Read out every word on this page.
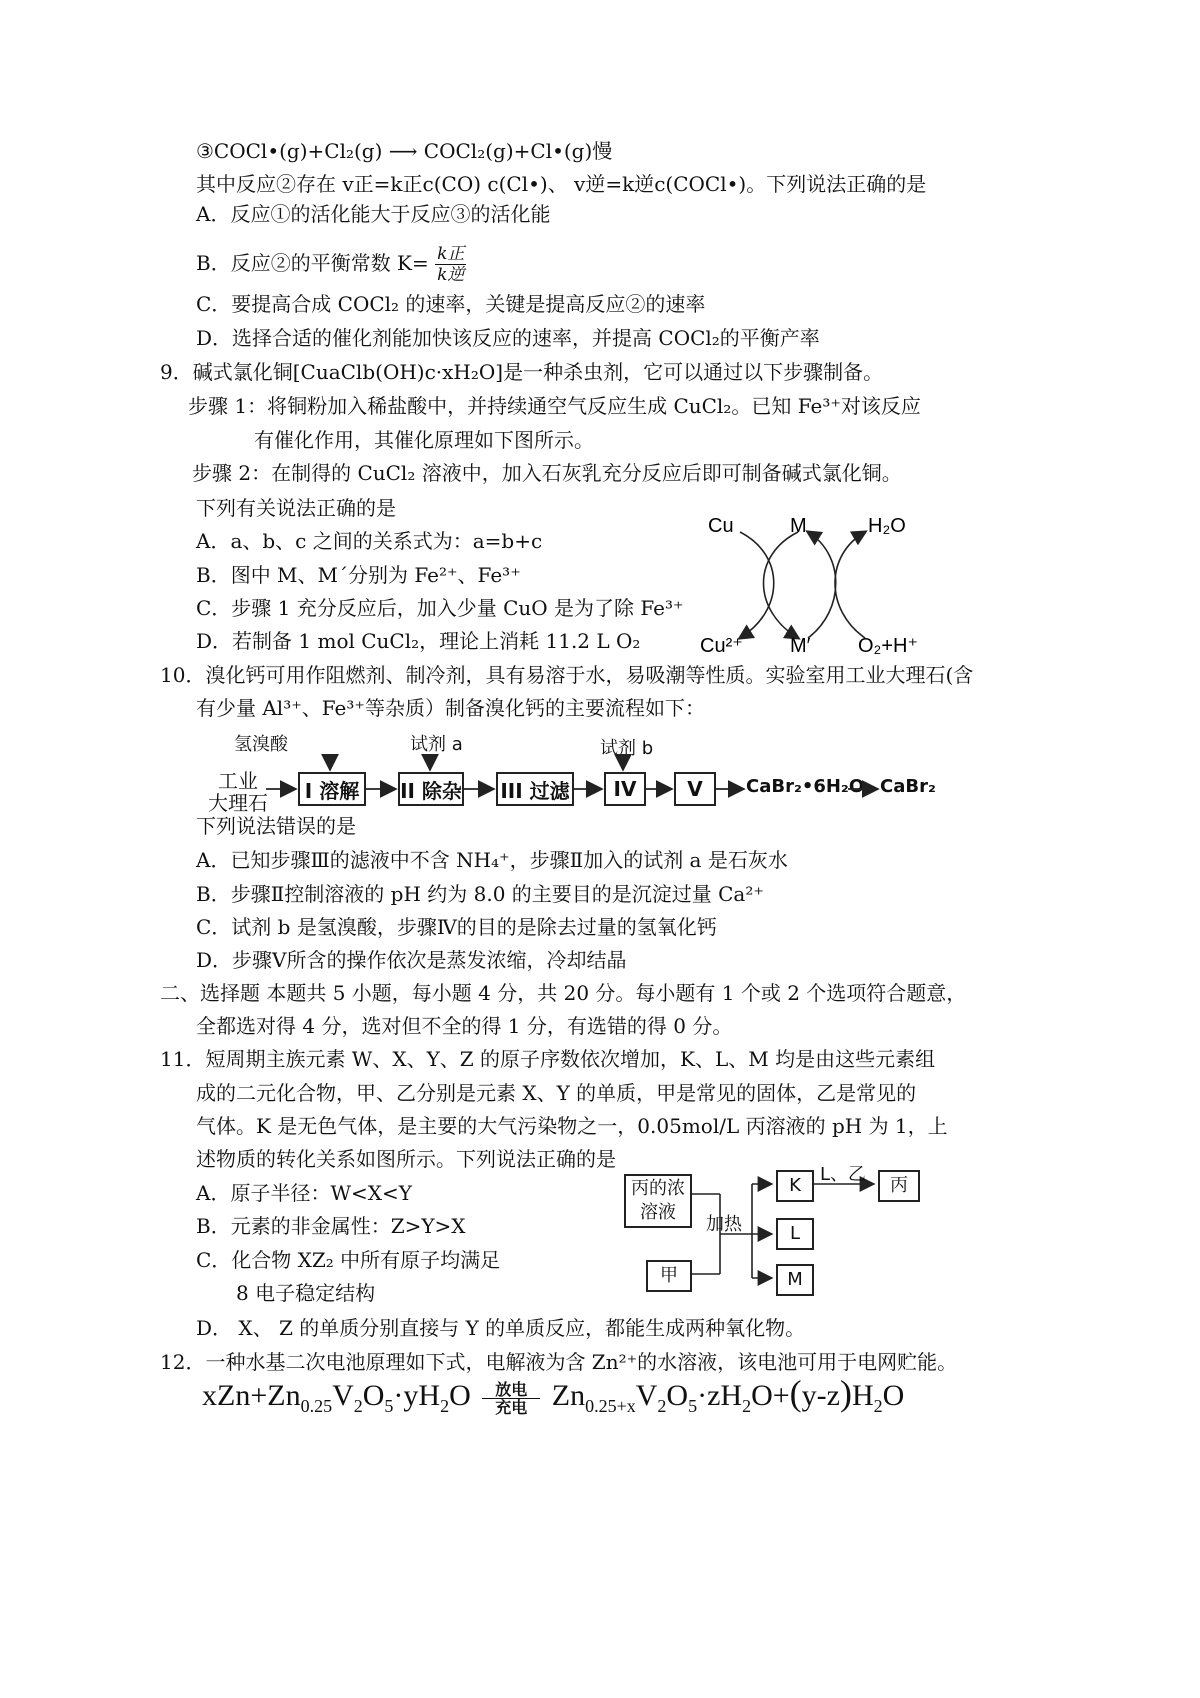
③COCl•(g)+Cl₂(g) ⟶ COCl₂(g)+Cl•(g)慢
其中反应②存在 v正=k正c(CO) c(Cl•)、 v逆=k逆c(COCl•)。下列说法正确的是
A．反应①的活化能大于反应③的活化能
B．反应②的平衡常数 K= k正
k逆
C．要提高合成 COCl₂ 的速率，关键是提高反应②的速率
D．选择合适的催化剂能加快该反应的速率，并提高 COCl₂的平衡产率
9．碱式氯化铜[CuaClb(OH)c·xH₂O]是一种杀虫剂，它可以通过以下步骤制备。
步骤 1：将铜粉加入稀盐酸中，并持续通空气反应生成 CuCl₂。已知 Fe³⁺对该反应
有催化作用，其催化原理如下图所示。
步骤 2：在制得的 CuCl₂ 溶液中，加入石灰乳充分反应后即可制备碱式氯化铜。
下列有关说法正确的是
A．a、b、c 之间的关系式为：a=b+c
B．图中 M、M´分别为 Fe²⁺、Fe³⁺
C．步骤 1 充分反应后，加入少量 CuO 是为了除 Fe³⁺
D．若制备 1 mol CuCl₂，理论上消耗 11.2 L O₂
Cu	M	H₂O
Cu²⁺ M′ O₂+H⁺
10．溴化钙可用作阻燃剂、制冷剂，具有易溶于水，易吸潮等性质。实验室用工业大理石(含
有少量 Al³⁺、Fe³⁺等杂质）制备溴化钙的主要流程如下：
氢溴酸	试剂 a	试剂 b
工业
大理石
I 溶解	II 除杂 III 过滤	IV	V	CaBr₂•6H₂O CaBr₂
下列说法错误的是
A．已知步骤Ⅲ的滤液中不含 NH₄⁺，步骤Ⅱ加入的试剂 a 是石灰水
B．步骤Ⅱ控制溶液的 pH 约为 8.0 的主要目的是沉淀过量 Ca²⁺
C．试剂 b 是氢溴酸，步骤Ⅳ的目的是除去过量的氢氧化钙
D．步骤Ⅴ所含的操作依次是蒸发浓缩，冷却结晶
二、选择题 本题共 5 小题，每小题 4 分，共 20 分。每小题有 1 个或 2 个选项符合题意，
全都选对得 4 分，选对但不全的得 1 分，有选错的得 0 分。
11．短周期主族元素 W、X、Y、Z 的原子序数依次增加，K、L、M 均是由这些元素组
成的二元化合物，甲、乙分别是元素 X、Y 的单质，甲是常见的固体，乙是常见的
气体。K 是无色气体，是主要的大气污染物之一，0.05mol/L 丙溶液的 pH 为 1，上
述物质的转化关系如图所示。下列说法正确的是
A．原子半径：W<X<Y
B．元素的非金属性：Z>Y>X
C．化合物 XZ₂ 中所有原子均满足
8 电子稳定结构
D． X、 Z 的单质分别直接与 Y 的单质反应，都能生成两种氧化物。
丙的浓
溶液
甲
加热
K
L
M
L、乙
丙
12．一种水基二次电池原理如下式，电解液为含 Zn²⁺的水溶液，该电池可用于电网贮能。
$xZn+Zn_{0.25}V_2O_5\cdot yH_2O$	放电
充电 $Zn_{0.25+x}V_2O_5\cdot zH_2O+(y-z)H_2O$
